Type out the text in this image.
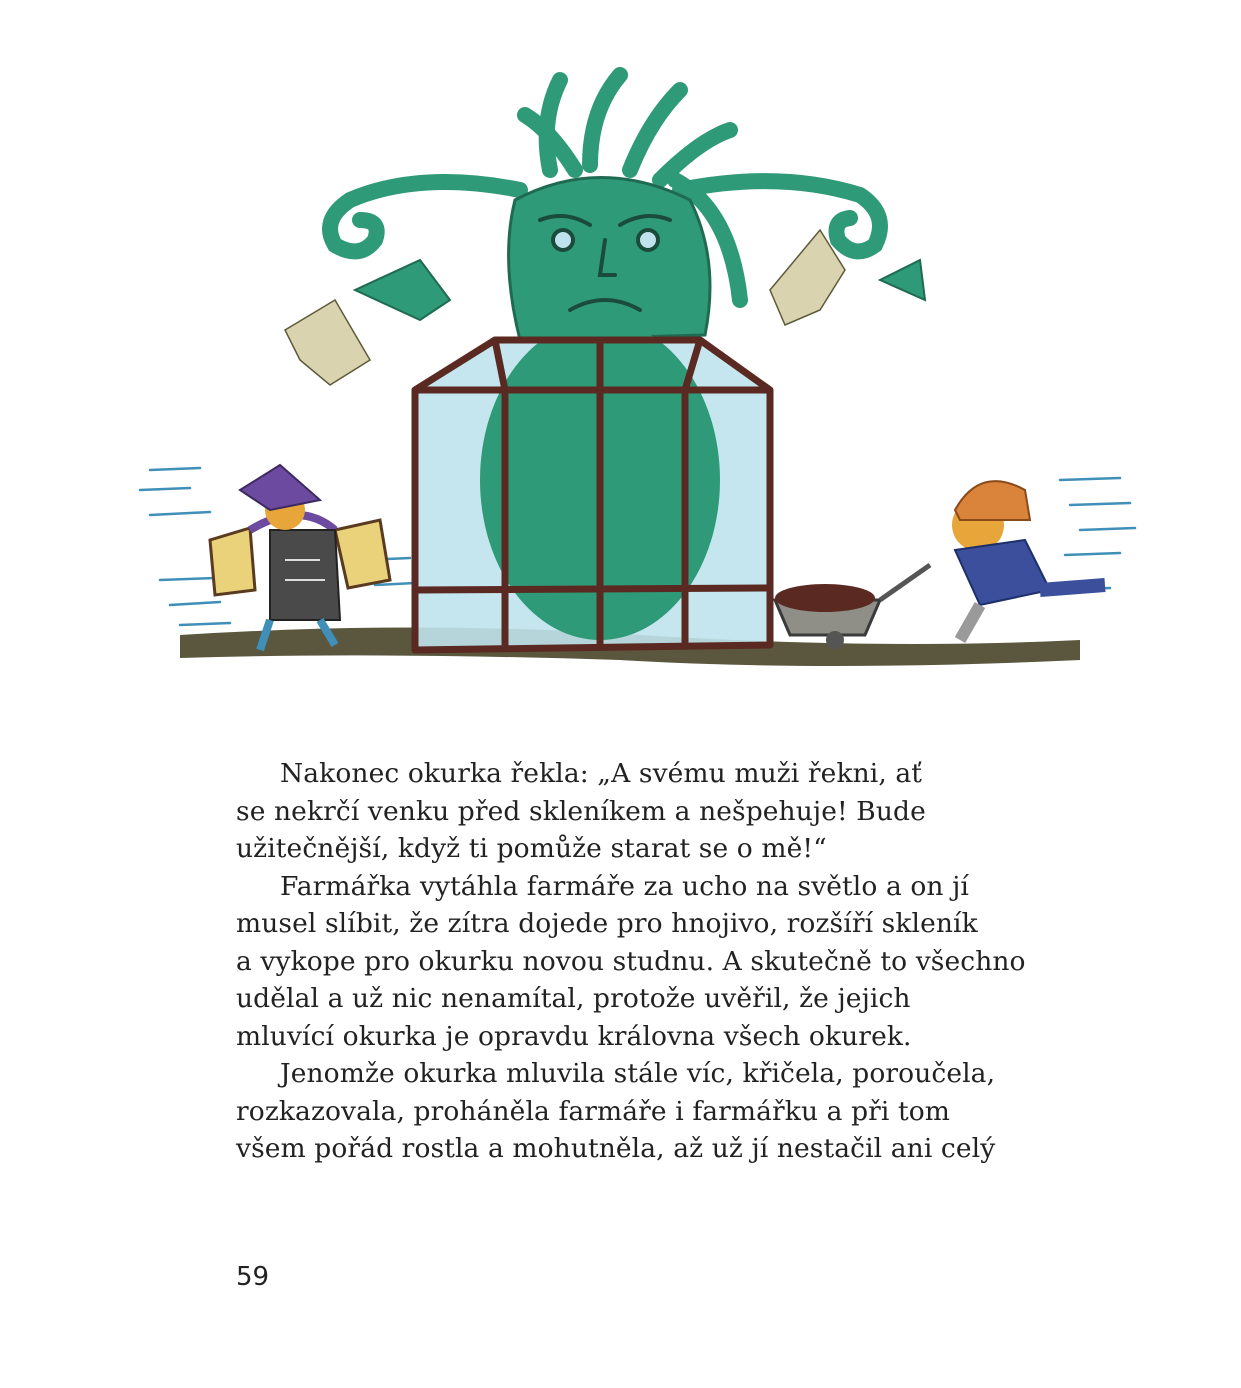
Nakonec okurka řekla: „A svému muži řekni, ať
se nekrčí venku před skleníkem a nešpehuje! Bude
užitečnější, když ti pomůže starat se o mě!“
Farmářka vytáhla farmáře za ucho na světlo a on jí
musel slíbit, že zítra dojede pro hnojivo, rozšíří skleník
a vykope pro okurku novou studnu. A skutečně to všechno
udělal a už nic nenamítal, protože uvěřil, že jejich
mluvící okurka je opravdu královna všech okurek.
Jenomže okurka mluvila stále víc, křičela, poroučela,
rozkazovala, proháněla farmáře i farmářku a při tom
všem pořád rostla a mohutněla, až už jí nestačil ani celý
59
